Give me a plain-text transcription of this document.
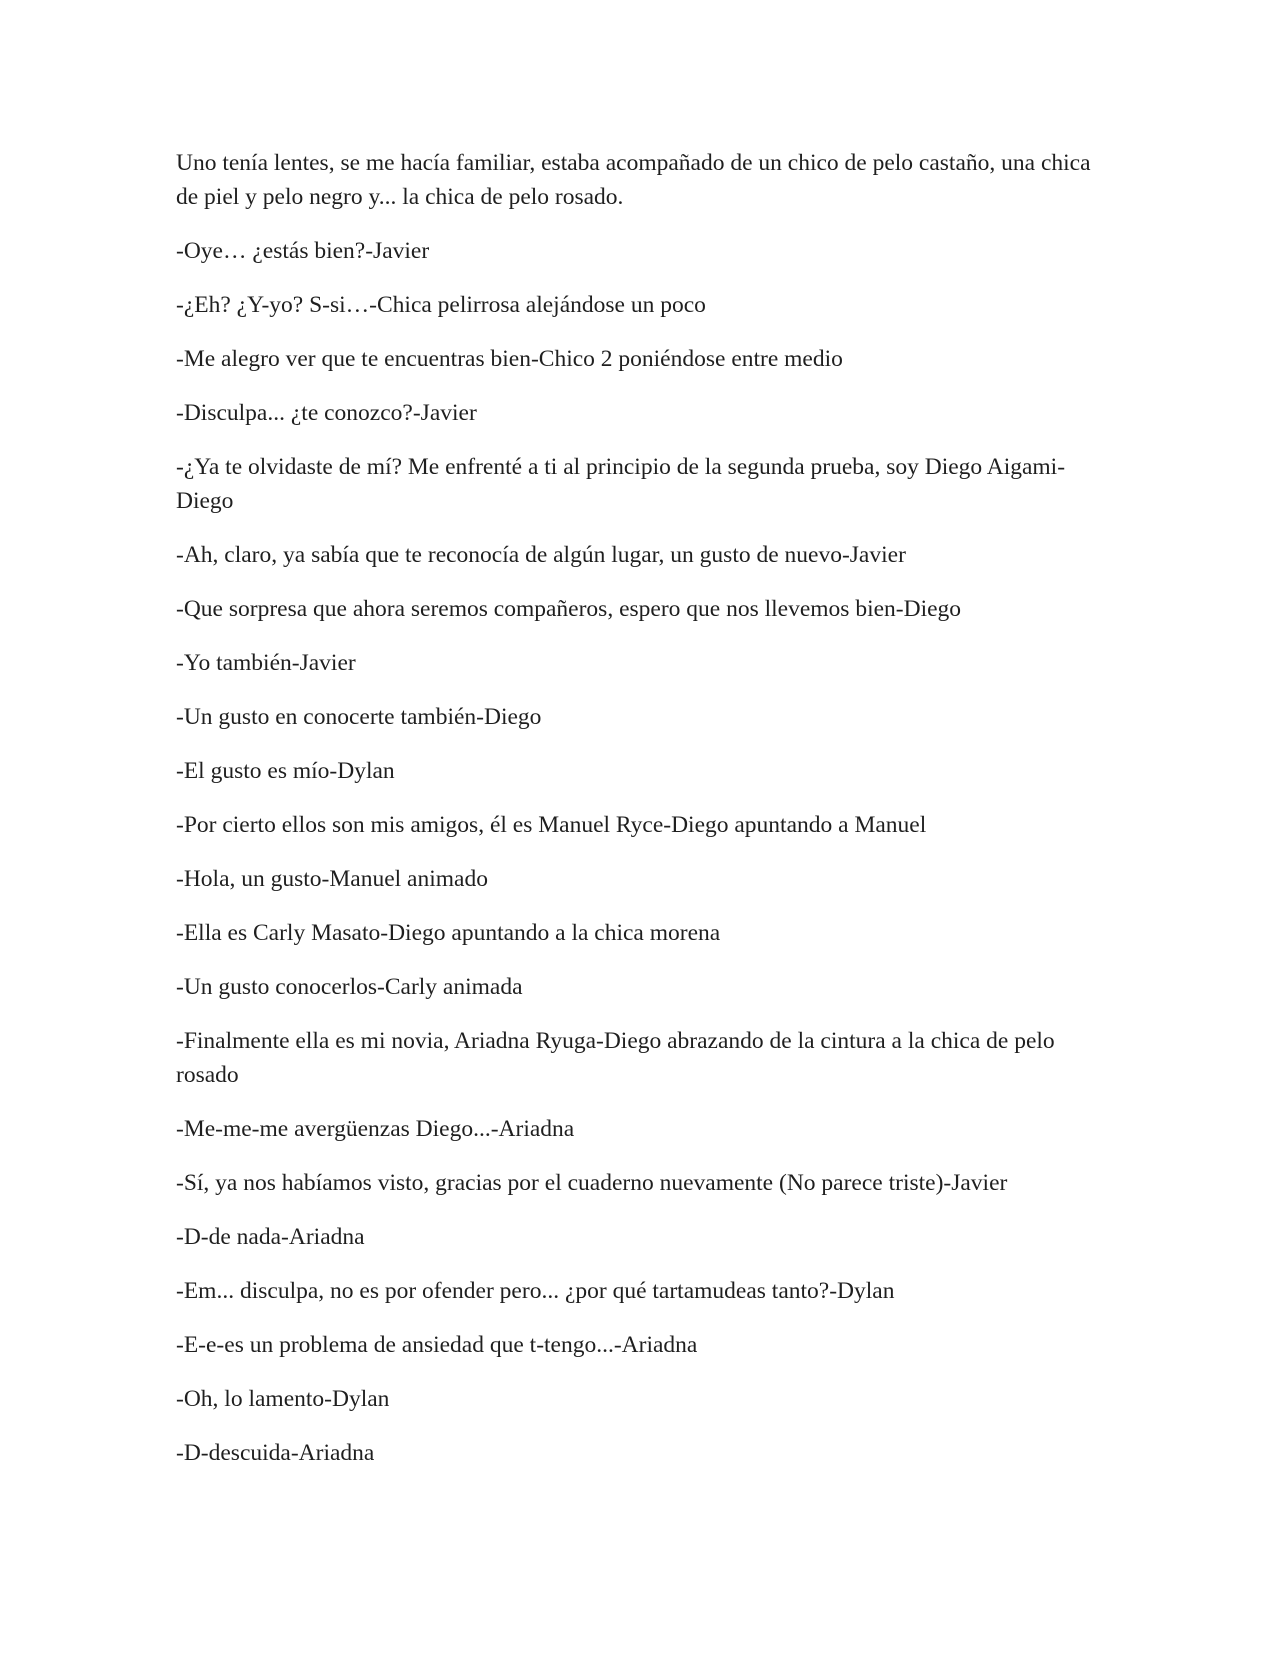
Uno tenía lentes, se me hacía familiar, estaba acompañado de un chico de pelo castaño, una chica de piel y pelo negro y... la chica de pelo rosado.

-Oye… ¿estás bien?-Javier

-¿Eh? ¿Y-yo? S-si…-Chica pelirrosa alejándose un poco

-Me alegro ver que te encuentras bien-Chico 2 poniéndose entre medio

-Disculpa... ¿te conozco?-Javier

-¿Ya te olvidaste de mí? Me enfrenté a ti al principio de la segunda prueba, soy Diego Aigami-Diego

-Ah, claro, ya sabía que te reconocía de algún lugar, un gusto de nuevo-Javier

-Que sorpresa que ahora seremos compañeros, espero que nos llevemos bien-Diego

-Yo también-Javier

-Un gusto en conocerte también-Diego

-El gusto es mío-Dylan

-Por cierto ellos son mis amigos, él es Manuel Ryce-Diego apuntando a Manuel

-Hola, un gusto-Manuel animado

-Ella es Carly Masato-Diego apuntando a la chica morena

-Un gusto conocerlos-Carly animada

-Finalmente ella es mi novia, Ariadna Ryuga-Diego abrazando de la cintura a la chica de pelo rosado

-Me-me-me avergüenzas Diego...-Ariadna

-Sí, ya nos habíamos visto, gracias por el cuaderno nuevamente (No parece triste)-Javier

-D-de nada-Ariadna

-Em... disculpa, no es por ofender pero... ¿por qué tartamudeas tanto?-Dylan

-E-e-es un problema de ansiedad que t-tengo...-Ariadna

-Oh, lo lamento-Dylan

-D-descuida-Ariadna
